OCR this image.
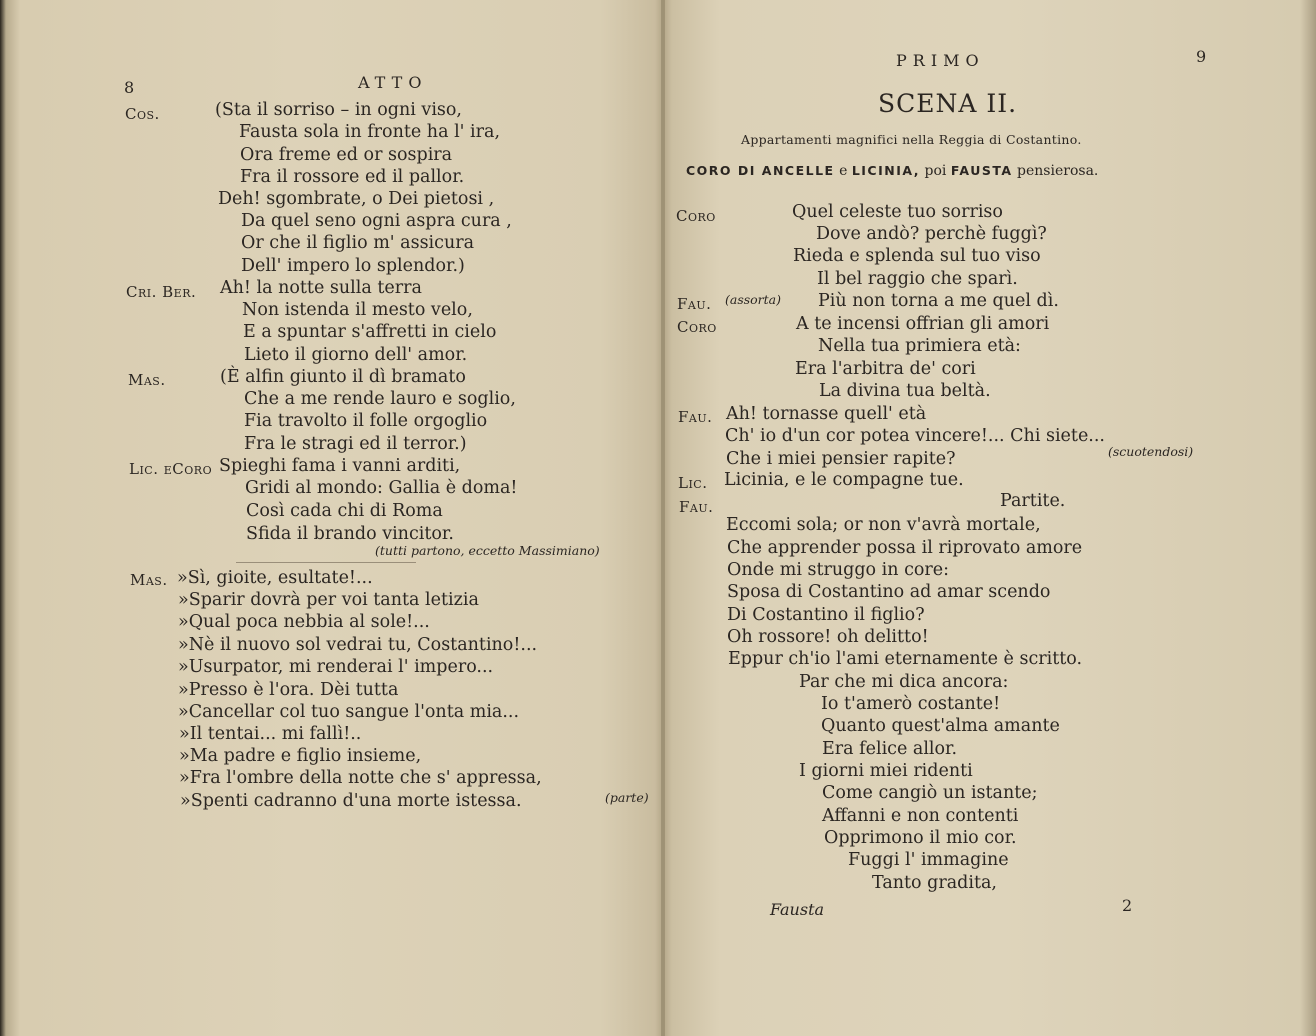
8	ATTO
Cos.	(Sta il sorriso – in ogni viso,
Fausta sola in fronte ha l' ira,
Ora freme ed or sospira
Fra il rossore ed il pallor.
Deh! sgombrate, o Dei pietosi ,
Da quel seno ogni aspra cura ,
Or che il figlio m' assicura
Dell' impero lo splendor.)
Cri. Ber. Ah! la notte sulla terra
Non istenda il mesto velo,
E a spuntar s'affretti in cielo
Lieto il giorno dell' amor.
Mas.	(È alfin giunto il dì bramato
Che a me rende lauro e soglio,
Fia travolto il folle orgoglio
Fra le stragi ed il terror.)
Lic. eCoro Spieghi fama i vanni arditi,
Gridi al mondo: Gallia è doma!
Così cada chi di Roma
Sfida il brando vincitor.
(tutti partono, eccetto Massimiano)
Mas. »Sì, gioite, esultate!...
»Sparir dovrà per voi tanta letizia
»Qual poca nebbia al sole!...
»Nè il nuovo sol vedrai tu, Costantino!...
»Usurpator, mi renderai l' impero...
»Presso è l'ora. Dèi tutta
»Cancellar col tuo sangue l'onta mia...
»Il tentai... mi fallì!..
»Ma padre e figlio insieme,
»Fra l'ombre della notte che s' appressa,
»Spenti cadranno d'una morte istessa.	(parte)
PRIMO	9
SCENA II.
Appartamenti magnifici nella Reggia di Costantino.
CORO DI ANCELLE e LICINIA, poi FAUSTA pensierosa.
Coro	Quel celeste tuo sorriso
Dove andò? perchè fuggì?
Rieda e splenda sul tuo viso
Il bel raggio che sparì.
Fau. (assorta) Più non torna a me quel dì.
Coro	A te incensi offrian gli amori
Nella tua primiera età:
Era l'arbitra de' cori
La divina tua beltà.
Fau. Ah! tornasse quell' età
Ch' io d'un cor potea vincere!... Chi siete...
Che i miei pensier rapite?	(scuotendosi)
Lic. Licinia, e le compagne tue.
Fau.	Partite.
Eccomi sola; or non v'avrà mortale,
Che apprender possa il riprovato amore
Onde mi struggo in core:
Sposa di Costantino ad amar scendo
Di Costantino il figlio?
Oh rossore! oh delitto!
Eppur ch'io l'ami eternamente è scritto.
Par che mi dica ancora:
Io t'amerò costante!
Quanto quest'alma amante
Era felice allor.
I giorni miei ridenti
Come cangiò un istante;
Affanni e non contenti
Opprimono il mio cor.
Fuggi l' immagine
Tanto gradita,
Fausta	2
